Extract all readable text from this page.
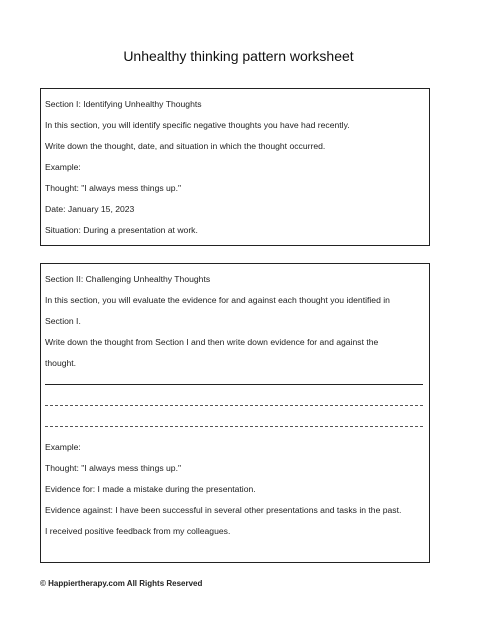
Unhealthy thinking pattern worksheet
Section I: Identifying Unhealthy Thoughts
In this section, you will identify specific negative thoughts you have had recently.
Write down the thought, date, and situation in which the thought occurred.
Example:
Thought: "I always mess things up."
Date: January 15, 2023
Situation: During a presentation at work.
Section II: Challenging Unhealthy Thoughts
In this section, you will evaluate the evidence for and against each thought you identified in
Section I.
Write down the thought from Section I and then write down evidence for and against the
thought.
Example:
Thought: "I always mess things up."
Evidence for: I made a mistake during the presentation.
Evidence against: I have been successful in several other presentations and tasks in the past.
I received positive feedback from my colleagues.
© Happiertherapy.com All Rights Reserved
